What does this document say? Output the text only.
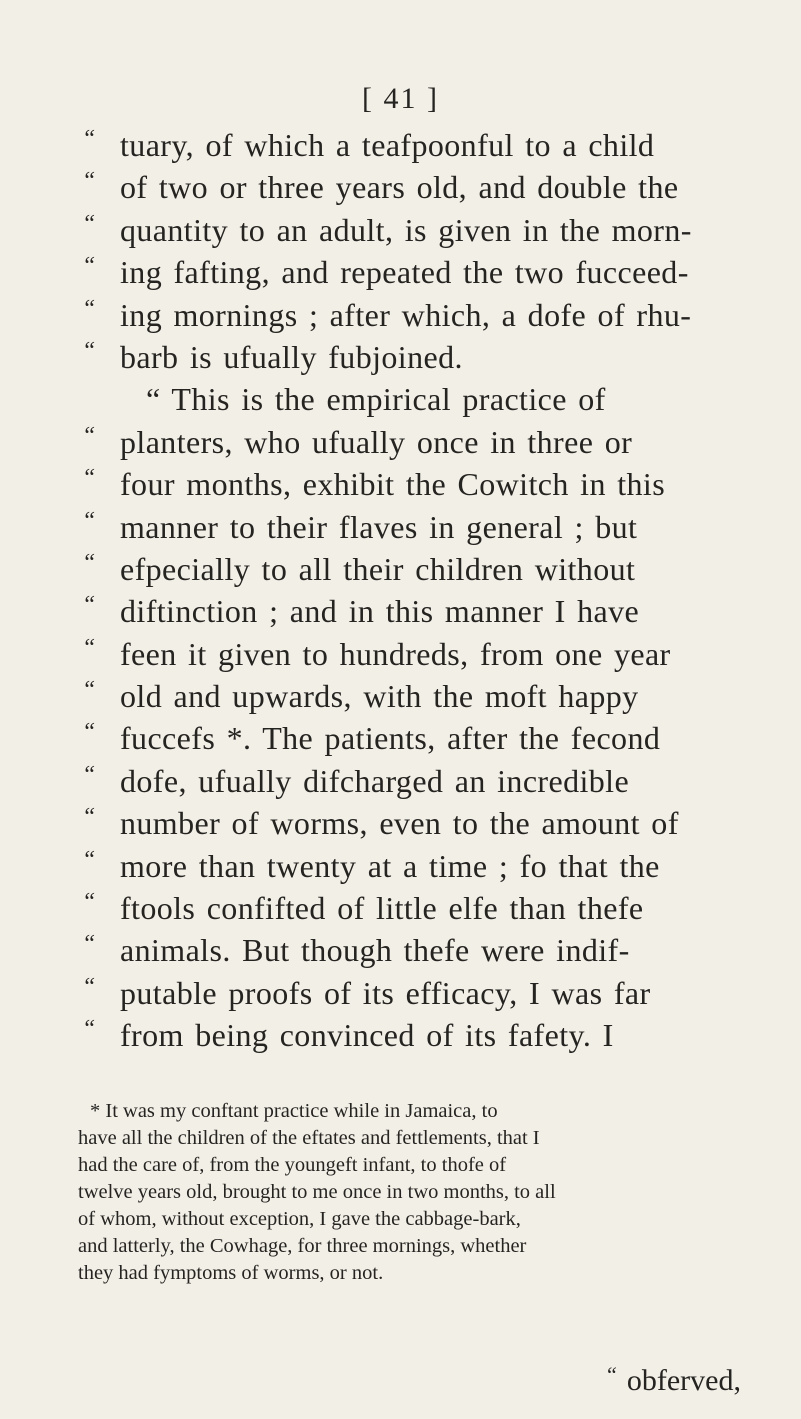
[ 41 ]
“ tuary, of which a teafpoonful to a child
“ of two or three years old, and double the
“ quantity to an adult, is given in the morn-
“ ing fafting, and repeated the two fucceed-
“ ing mornings ; after which, a dofe of rhu-
“ barb is ufually fubjoined.
“ This is the empirical practice of
“ planters, who ufually once in three or
“ four months, exhibit the Cowitch in this
“ manner to their flaves in general ; but
“ efpecially to all their children without
“ diftinction ; and in this manner I have
“ feen it given to hundreds, from one year
“ old and upwards, with the moft happy
“ fuccefs *. The patients, after the fecond
“ dofe, ufually difcharged an incredible
“ number of worms, even to the amount of
“ more than twenty at a time ; fo that the
“ ftools confifted of little elfe than thefe
“ animals. But though thefe were indif-
“ putable proofs of its efficacy, I was far
“ from being convinced of its fafety. I
* It was my conftant practice while in Jamaica, to
have all the children of the eftates and fettlements, that I
had the care of, from the youngeft infant, to thofe of
twelve years old, brought to me once in two months, to all
of whom, without exception, I gave the cabbage-bark,
and latterly, the Cowhage, for three mornings, whether
they had fymptoms of worms, or not.
“ obferved,
